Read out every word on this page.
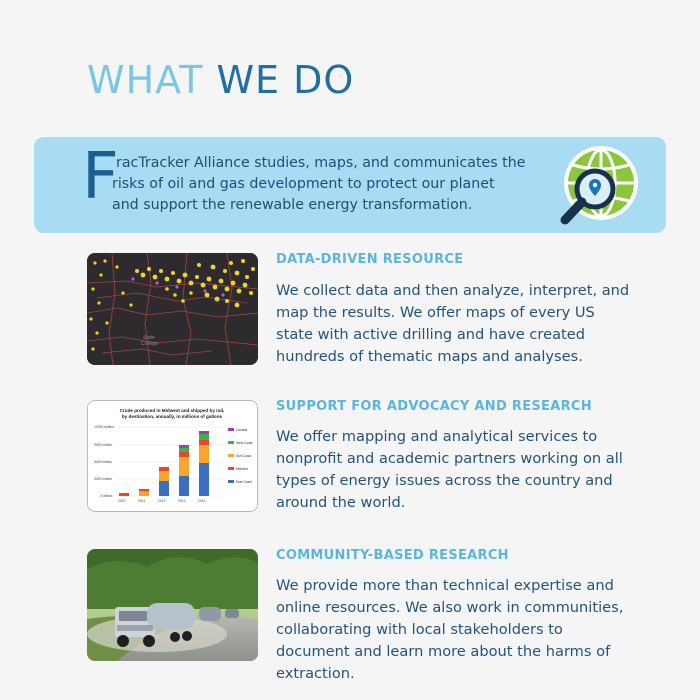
WHAT WE DO
F
racTracker Alliance studies, maps, and communicates the
risks of oil and gas development to protect our planet
and support the renewable energy transformation.
State
College
DATA-DRIVEN RESOURCE
We collect data and then analyze, interpret, and map the results. We offer maps of every US state with active drilling and have created hundreds of thematic maps and analyses.
Crude produced in Midwest and shipped by rail,
by destination, annually, in millions of gallons
12000 million
9000 million
6000 million
3000 million
0 million
2010	2011	2012	2013	2014
Canada
West Coast
Gulf Coast
Midwest
East Coast
SUPPORT FOR ADVOCACY AND RESEARCH
We offer mapping and analytical services to nonprofit and academic partners working on all types of energy issues across the country and around the world.
COMMUNITY-BASED RESEARCH
We provide more than technical expertise and online resources. We also work in communities, collaborating with local stakeholders to document and learn more about the harms of extraction.
